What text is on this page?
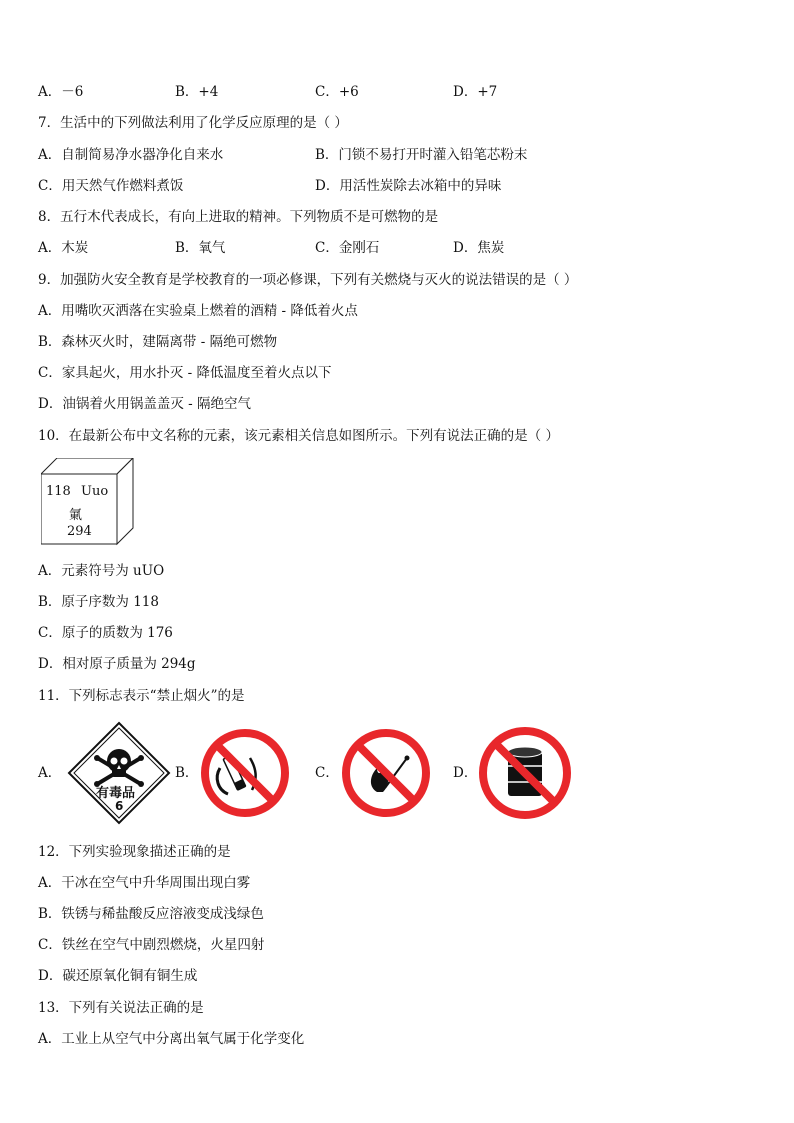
A．－6	B．+4	C．+6	D．+7
7．生活中的下列做法利用了化学反应原理的是（ ）
A．自制简易净水器净化自来水	B．门锁不易打开时灌入铅笔芯粉末
C．用天然气作燃料煮饭	D．用活性炭除去冰箱中的异味
8．五行木代表成长，有向上进取的精神。下列物质不是可燃物的是
A．木炭	B．氧气	C．金刚石	D．焦炭
9．加强防火安全教育是学校教育的一项必修课，下列有关燃烧与灭火的说法错误的是（ ）
A．用嘴吹灭洒落在实验桌上燃着的酒精 - 降低着火点
B．森林灭火时，建隔离带 - 隔绝可燃物
C．家具起火，用水扑灭 - 降低温度至着火点以下
D．油锅着火用锅盖盖灭 - 隔绝空气
10．在最新公布中文名称的元素，该元素相关信息如图所示。下列有说法正确的是（ ）
118 Uuo
氭
294
A．元素符号为 uUO
B．原子序数为 118
C．原子的质数为 176
D．相对原子质量为 294g
11．下列标志表示“禁止烟火”的是
A．
有毒品
6
B．	C．	D．
12．下列实验现象描述正确的是
A．干冰在空气中升华周围出现白雾
B．铁锈与稀盐酸反应溶液变成浅绿色
C．铁丝在空气中剧烈燃烧，火星四射
D．碳还原氧化铜有铜生成
13．下列有关说法正确的是
A．工业上从空气中分离出氧气属于化学变化
